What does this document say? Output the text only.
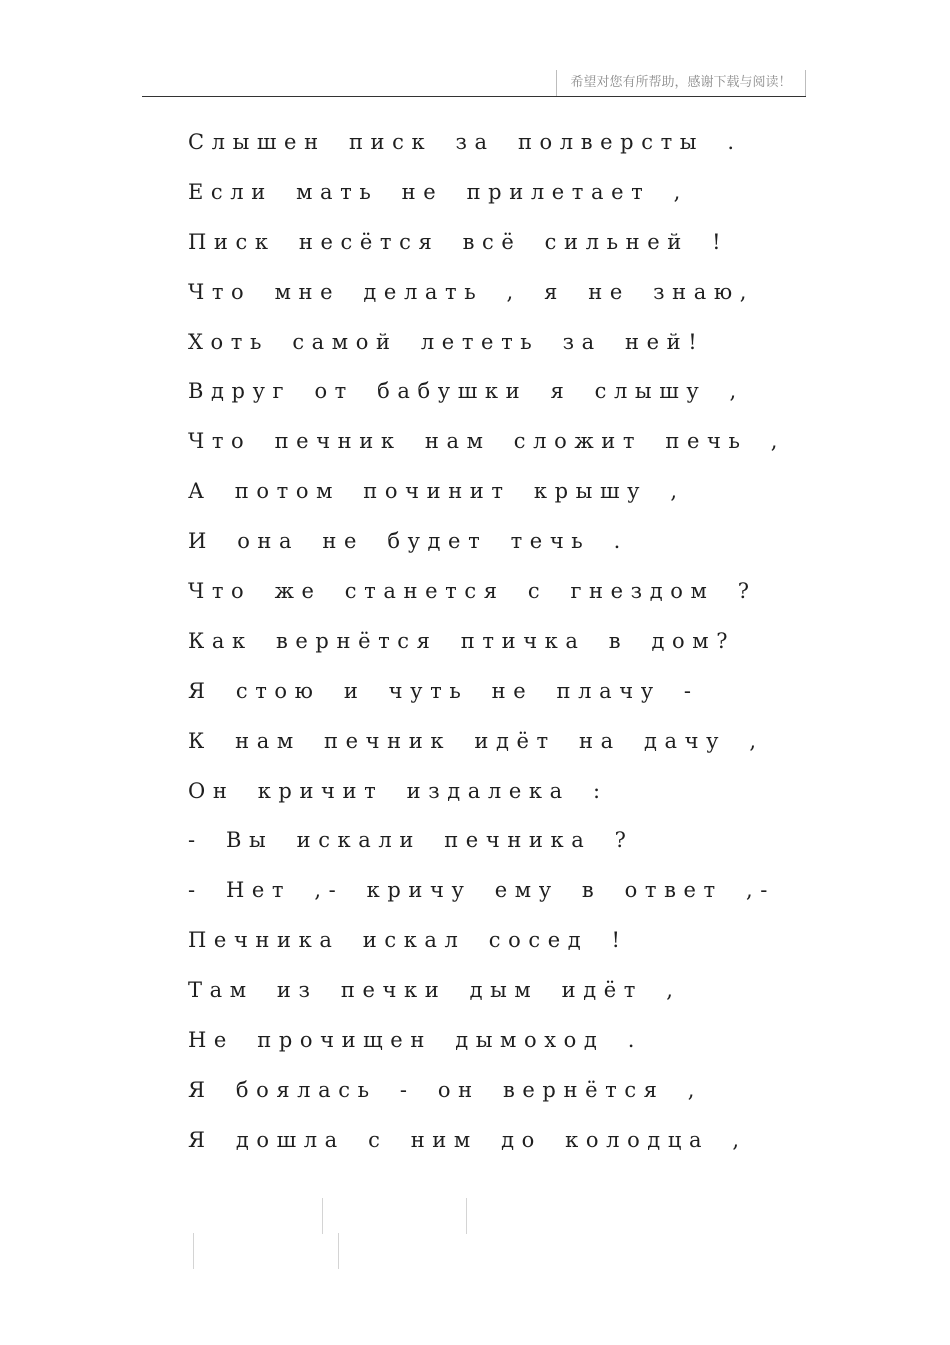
希望对您有所帮助，感谢下载与阅读！
Слышен писк за полверсты .
Если мать не прилетает ,
Писк несётся всё сильней !
Что мне делать , я не знаю,
Хоть самой лететь за ней!
Вдруг от бабушки я слышу ,
Что печник нам сложит печь ,
А потом починит крышу ,
И она не будет течь .
Что же станется с гнездом ?
Как вернётся птичка в дом?
Я стою и чуть не плачу -
К нам печник идёт на дачу ,
Он кричит издалека :
- Вы искали печника ?
- Нет ,- кричу ему в ответ ,-
Печника искал сосед !
Там из печки дым идёт ,
Не прочищен дымоход .
Я боялась - он вернётся ,
Я дошла с ним до колодца ,
